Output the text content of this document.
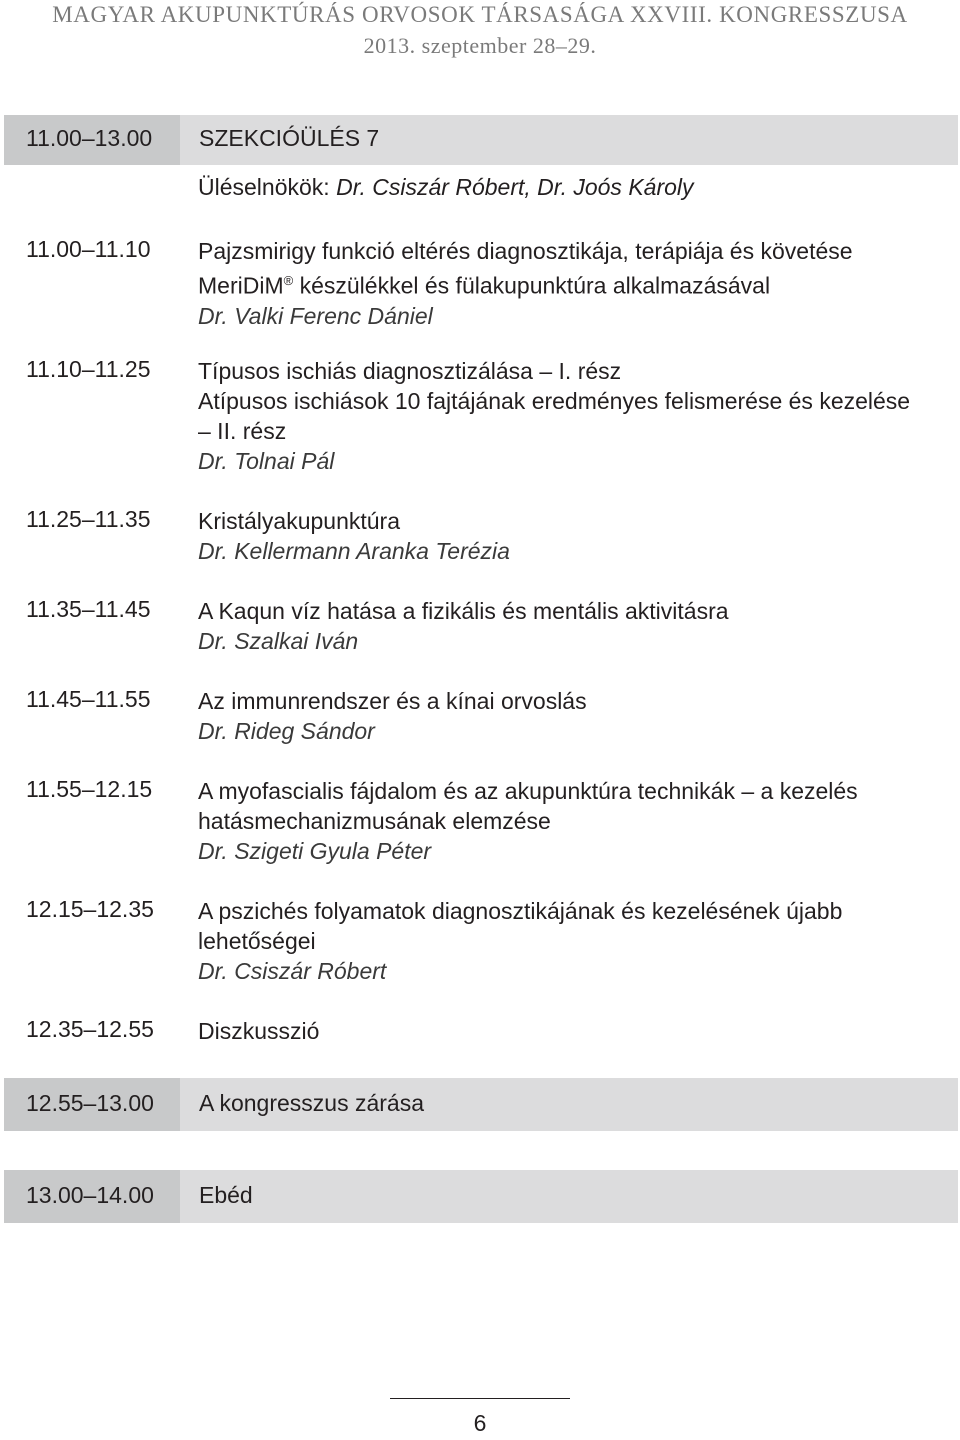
MAGYAR AKUPUNKTÚRÁS ORVOSOK TÁRSASÁGA XXVIII. KONGRESSZUSA
2013. szeptember 28–29.
11.00–13.00 SZEKCIÓÜLÉS 7
Üléselnökök: Dr. Csiszár Róbert, Dr. Joós Károly
11.00–11.10 Pajzsmirigy funkció eltérés diagnosztikája, terápiája és követése
MeriDiM® készülékkel és fülakupunktúra alkalmazásával
Dr. Valki Ferenc Dániel
11.10–11.25 Típusos ischiás diagnosztizálása – I. rész
Atípusos ischiások 10 fajtájának eredményes felismerése és kezelése – II. rész
Dr. Tolnai Pál
11.25–11.35 Kristályakupunktúra
Dr. Kellermann Aranka Terézia
11.35–11.45 A Kaqun víz hatása a fizikális és mentális aktivitásra
Dr. Szalkai Iván
11.45–11.55 Az immunrendszer és a kínai orvoslás
Dr. Rideg Sándor
11.55–12.15 A myofascialis fájdalom és az akupunktúra technikák – a kezelés hatásmechanizmusának elemzése
Dr. Szigeti Gyula Péter
12.15–12.35 A pszichés folyamatok diagnosztikájának és kezelésének újabb lehetőségei
Dr. Csiszár Róbert
12.35–12.55 Diszkusszió
12.55–13.00 A kongresszus zárása
13.00–14.00 Ebéd
6
